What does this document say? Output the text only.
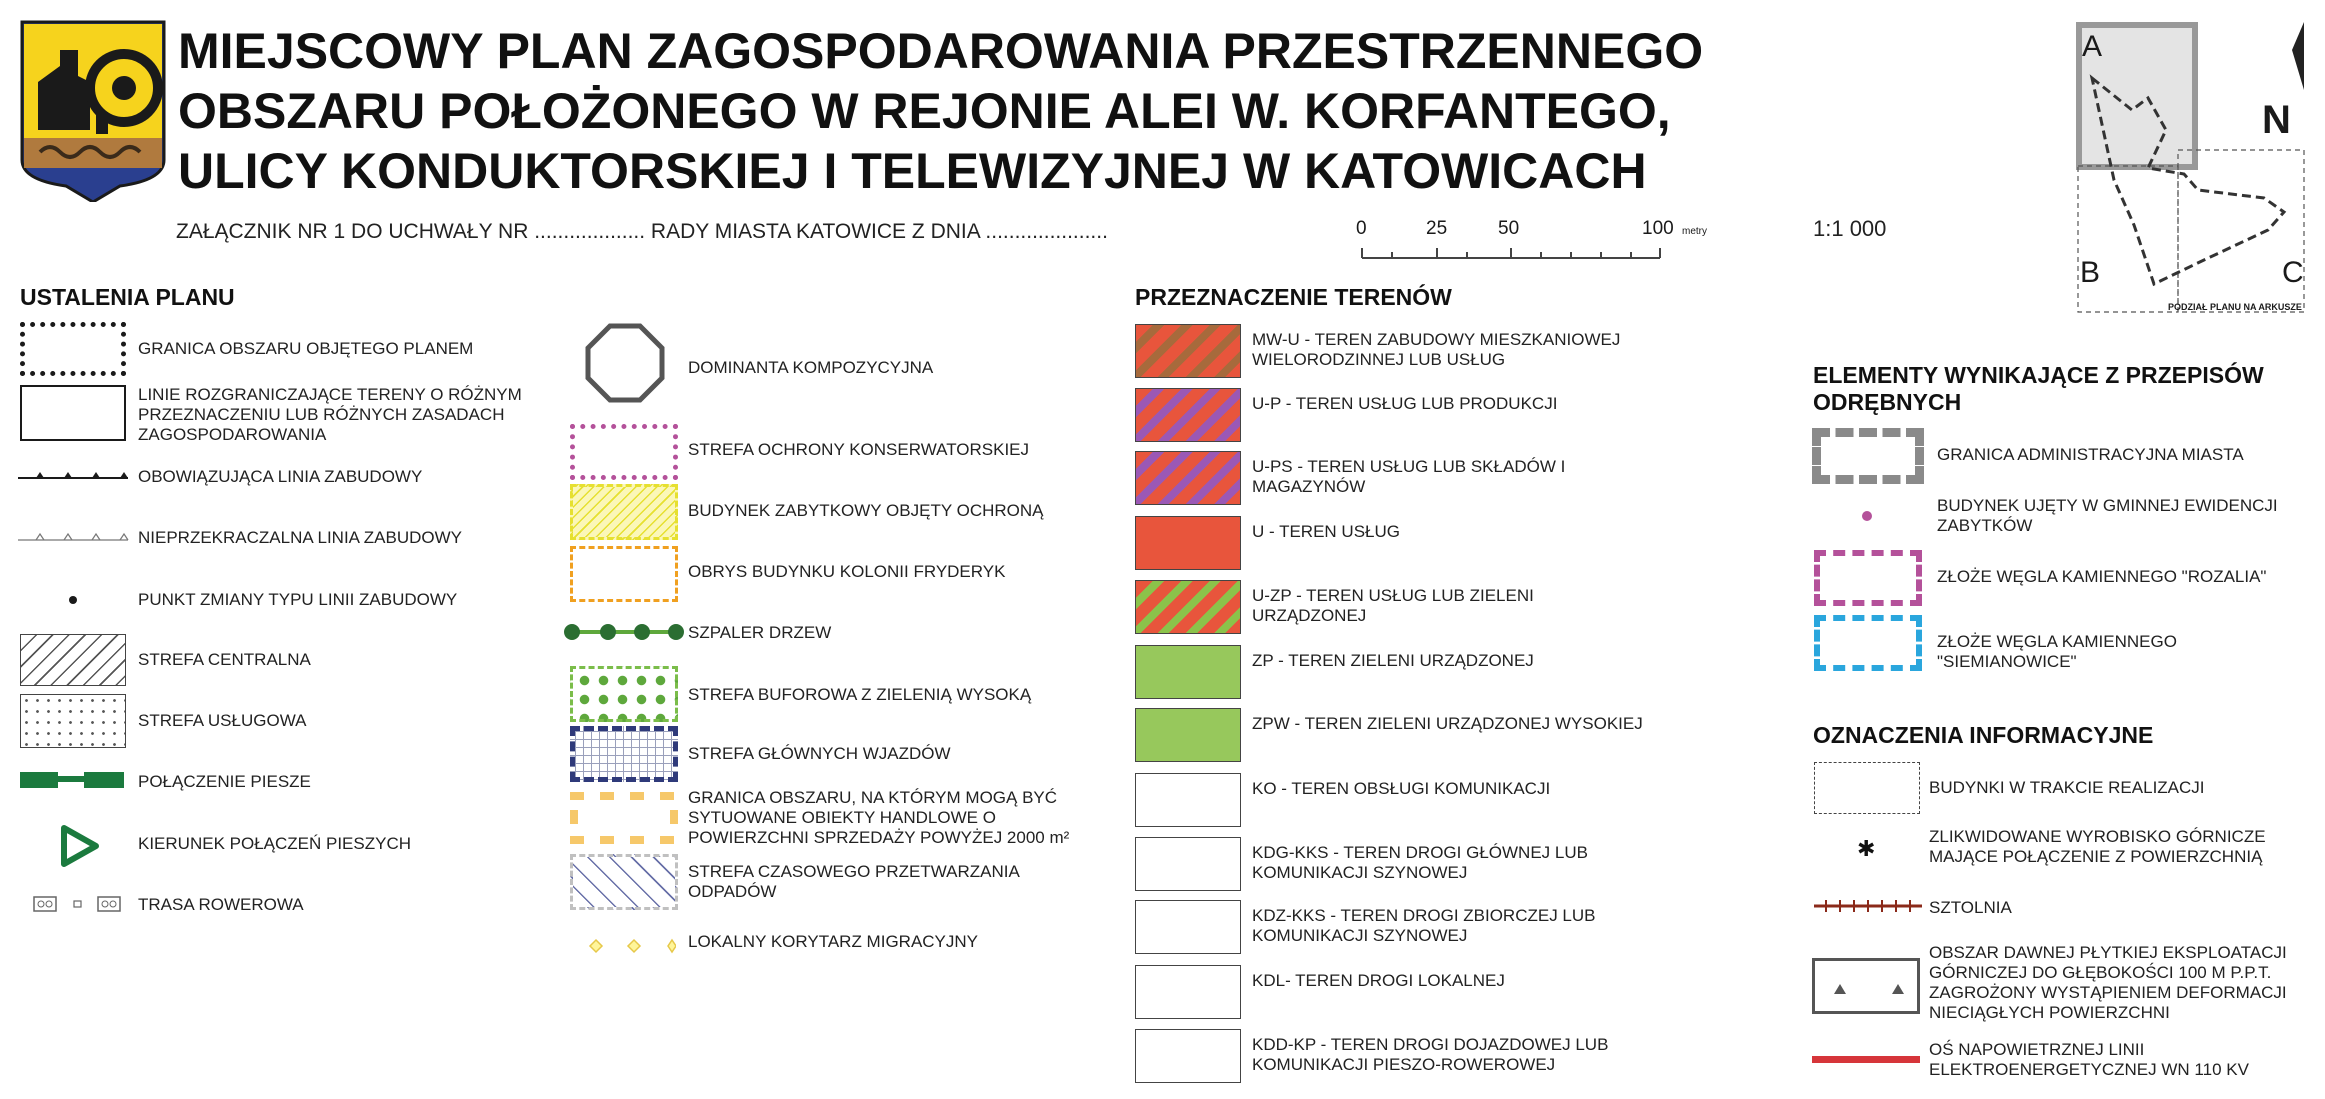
MIEJSCOWY PLAN ZAGOSPODAROWANIA PRZESTRZENNEGO
OBSZARU POŁOŻONEGO W REJONIE ALEI W. KORFANTEGO,
ULICY KONDUKTORSKIEJ I TELEWIZYJNEJ W KATOWICACH
ZAŁĄCZNIK NR 1 DO UCHWAŁY NR ................... RADY MIASTA KATOWICE Z DNIA .....................	0	25	50	100 metry	1:1 000
A
B	C
N
PODZIAŁ PLANU NA ARKUSZE
USTALENIA PLANU
GRANICA OBSZARU OBJĘTEGO PLANEM
LINIE ROZGRANICZAJĄCE TERENY O RÓŻNYM PRZEZNACZENIU LUB RÓŻNYCH ZASADACH ZAGOSPODAROWANIA
OBOWIĄZUJĄCA LINIA ZABUDOWY
NIEPRZEKRACZALNA LINIA ZABUDOWY
PUNKT ZMIANY TYPU LINII ZABUDOWY
STREFA CENTRALNA
STREFA USŁUGOWA
POŁĄCZENIE PIESZE
KIERUNEK POŁĄCZEŃ PIESZYCH
TRASA ROWEROWA
DOMINANTA KOMPOZYCYJNA
STREFA OCHRONY KONSERWATORSKIEJ
BUDYNEK ZABYTKOWY OBJĘTY OCHRONĄ
OBRYS BUDYNKU KOLONII FRYDERYK
SZPALER DRZEW
STREFA BUFOROWA Z ZIELENIĄ WYSOKĄ
STREFA GŁÓWNYCH WJAZDÓW
GRANICA OBSZARU, NA KTÓRYM MOGĄ BYĆ SYTUOWANE OBIEKTY HANDLOWE O POWIERZCHNI SPRZEDAŻY POWYŻEJ 2000 m²
STREFA CZASOWEGO PRZETWARZANIA ODPADÓW
LOKALNY KORYTARZ MIGRACYJNY
PRZEZNACZENIE TERENÓW
MW-U - TEREN ZABUDOWY MIESZKANIOWEJ WIELORODZINNEJ LUB USŁUG
U-P - TEREN USŁUG LUB PRODUKCJI
U-PS - TEREN USŁUG LUB SKŁADÓW I MAGAZYNÓW
U - TEREN USŁUG
U-ZP - TEREN USŁUG LUB ZIELENI URZĄDZONEJ
ZP - TEREN ZIELENI URZĄDZONEJ
ZPW - TEREN ZIELENI URZĄDZONEJ WYSOKIEJ
KO - TEREN OBSŁUGI KOMUNIKACJI
KDG-KKS - TEREN DROGI GŁÓWNEJ LUB KOMUNIKACJI SZYNOWEJ
KDZ-KKS - TEREN DROGI ZBIORCZEJ LUB KOMUNIKACJI SZYNOWEJ
KDL- TEREN DROGI LOKALNEJ
KDD-KP - TEREN DROGI DOJAZDOWEJ LUB KOMUNIKACJI PIESZO-ROWEROWEJ
ELEMENTY WYNIKAJĄCE Z PRZEPISÓW ODRĘBNYCH
GRANICA ADMINISTRACYJNA MIASTA
BUDYNEK UJĘTY W GMINNEJ EWIDENCJI ZABYTKÓW
ZŁOŻE WĘGLA KAMIENNEGO "ROZALIA"
ZŁOŻE WĘGLA KAMIENNEGO "SIEMIANOWICE"
OZNACZENIA INFORMACYJNE
BUDYNKI W TRAKCIE REALIZACJI
✱	ZLIKWIDOWANE WYROBISKO GÓRNICZE MAJĄCE POŁĄCZENIE Z POWIERZCHNIĄ
SZTOLNIA
OBSZAR DAWNEJ PŁYTKIEJ EKSPLOATACJI GÓRNICZEJ DO GŁĘBOKOŚCI 100 M P.P.T. ZAGROŻONY WYSTĄPIENIEM DEFORMACJI NIECIĄGŁYCH POWIERZCHNI
OŚ NAPOWIETRZNEJ LINII ELEKTROENERGETYCZNEJ WN 110 KV
